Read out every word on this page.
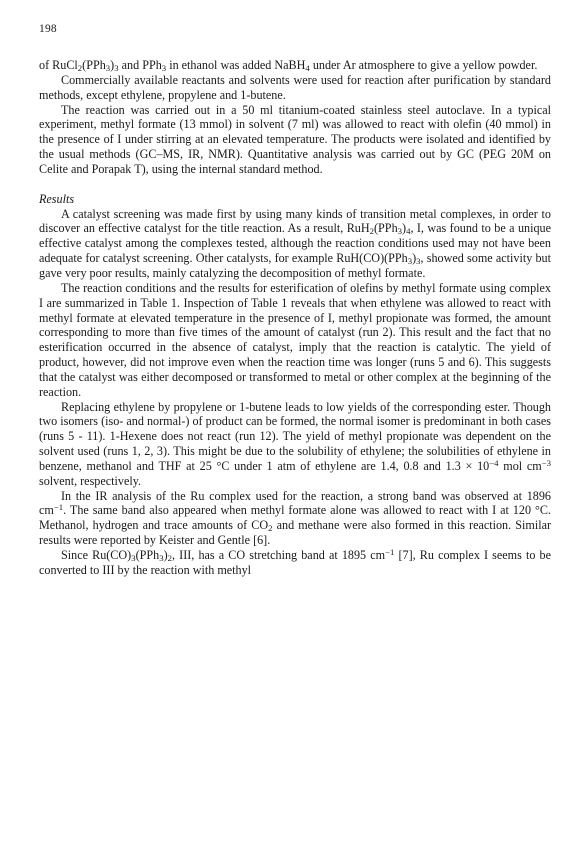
198

of $RuCl_2(PPh_3)_3$ and PPh$_3$ in ethanol was added NaBH$_4$ under Ar atmosphere to give a yellow powder.

Commercially available reactants and solvents were used for reaction after purification by standard methods, except ethylene, propylene and 1-butene.

The reaction was carried out in a 50 ml titanium-coated stainless steel autoclave. In a typical experiment, methyl formate (13 mmol) in solvent (7 ml) was allowed to react with olefin (40 mmol) in the presence of I under stirring at an elevated temperature. The products were isolated and identified by the usual methods (GC–MS, IR, NMR). Quantitative analysis was carried out by GC (PEG 20M on Celite and Porapak T), using the internal standard method.

Results

A catalyst screening was made first by using many kinds of transition metal complexes, in order to discover an effective catalyst for the title reaction. As a result, $RuH_2(PPh_3)_4$, I, was found to be a unique effective catalyst among the complexes tested, although the reaction conditions used may not have been adequate for catalyst screening. Other catalysts, for example $RuH(CO)(PPh_3)_3$, showed some activity but gave very poor results, mainly catalyzing the decomposition of methyl formate.

The reaction conditions and the results for esterification of olefins by methyl formate using complex I are summarized in Table 1. Inspection of Table 1 reveals that when ethylene was allowed to react with methyl formate at elevated temperature in the presence of I, methyl propionate was formed, the amount corresponding to more than five times of the amount of catalyst (run 2). This result and the fact that no esterification occurred in the absence of catalyst, imply that the reaction is catalytic. The yield of product, however, did not improve even when the reaction time was longer (runs 5 and 6). This suggests that the catalyst was either decomposed or transformed to metal or other complex at the beginning of the reaction.

Replacing ethylene by propylene or 1-butene leads to low yields of the corresponding ester. Though two isomers (iso- and normal-) of product can be formed, the normal isomer is predominant in both cases (runs 5 - 11). 1-Hexene does not react (run 12). The yield of methyl propionate was dependent on the solvent used (runs 1, 2, 3). This might be due to the solubility of ethylene; the solubilities of ethylene in benzene, methanol and THF at 25 °C under 1 atm of ethylene are 1.4, 0.8 and $1.3 \times 10^{-4}$ mol $cm^{-3}$ solvent, respectively.

In the IR analysis of the Ru complex used for the reaction, a strong band was observed at 1896 $cm^{-1}$. The same band also appeared when methyl formate alone was allowed to react with I at 120 °C. Methanol, hydrogen and trace amounts of $CO_2$ and methane were also formed in this reaction. Similar results were reported by Keister and Gentle [6].

Since $Ru(CO)_3(PPh_3)_2$, III, has a CO stretching band at 1895 $cm^{-1}$ [7], Ru complex I seems to be converted to III by the reaction with methyl
